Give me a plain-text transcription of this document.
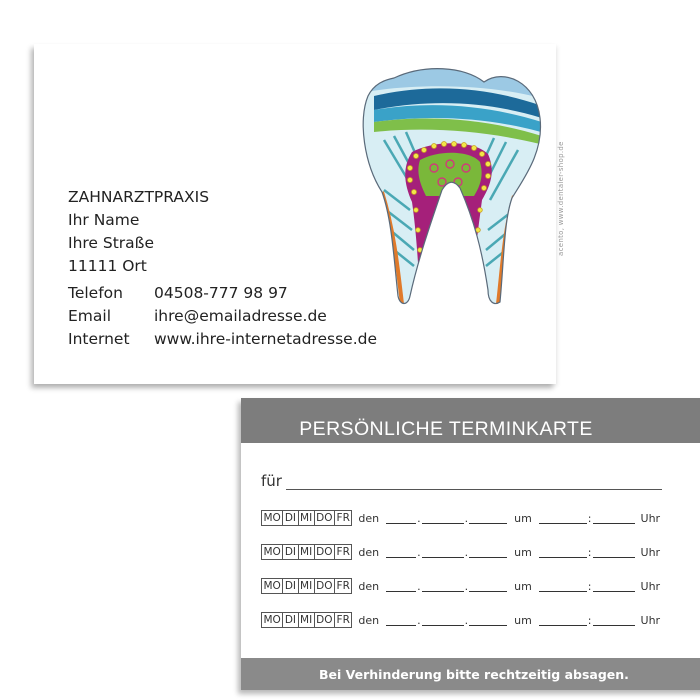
ZAHNARZTPRAXIS
Ihr Name
Ihre Straße
11111 Ort
Telefon	04508-777 98 97
Email	ihre@emailadresse.de
Internet	www.ihre-internetadresse.de
acento, www.dentaler-shop.de
PERSÖNLICHE TERMINKARTE
für
MO DI MI DO FR den	.	.	um	:	Uhr
MO DI MI DO FR den	.	.	um	:	Uhr
MO DI MI DO FR den	.	.	um	:	Uhr
MO DI MI DO FR den	.	.	um	:	Uhr
Bei Verhinderung bitte rechtzeitig absagen.
